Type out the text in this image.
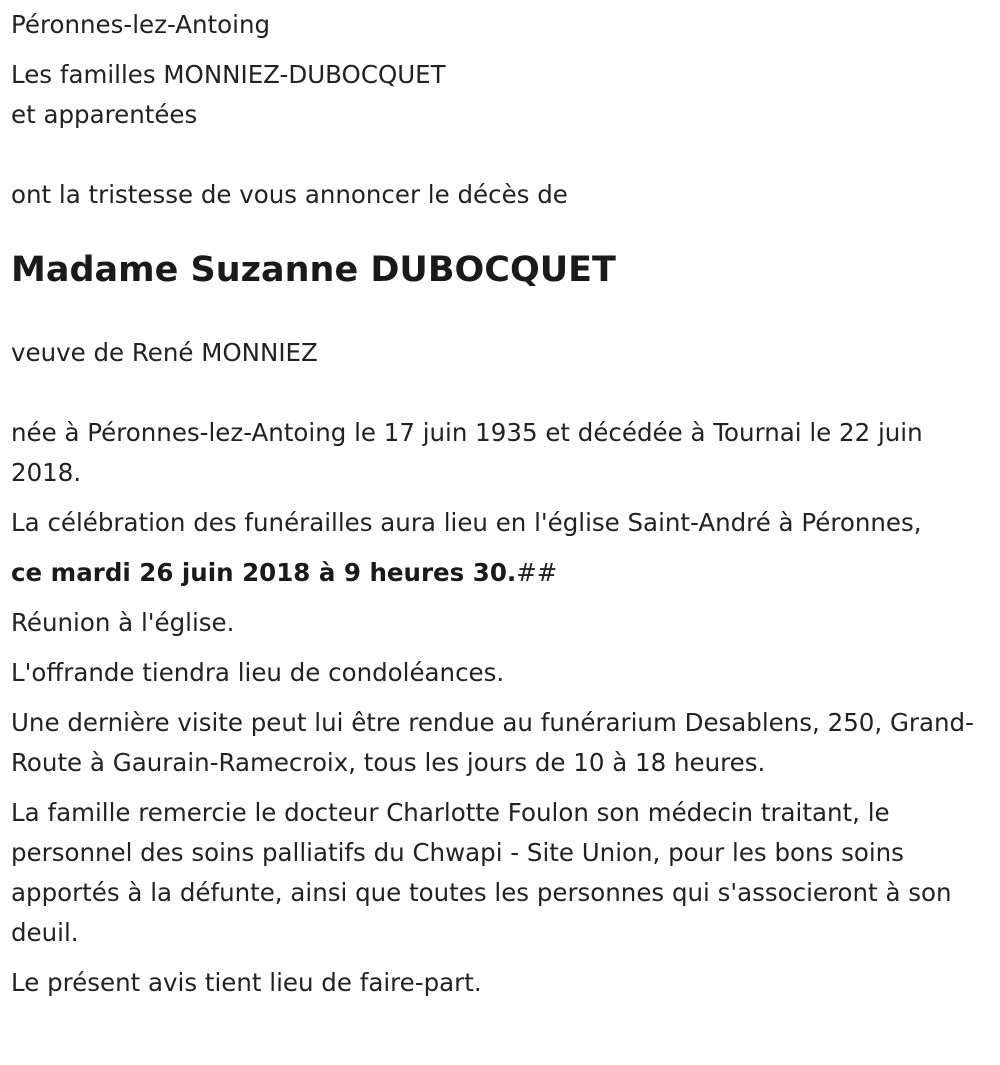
Péronnes-lez-Antoing

Les familles MONNIEZ-DUBOCQUET

et apparentées

ont la tristesse de vous annoncer le décès de

Madame Suzanne DUBOCQUET

veuve de René MONNIEZ

née à Péronnes-lez-Antoing le 17 juin 1935 et décédée à Tournai le 22 juin 2018.

La célébration des funérailles aura lieu en l'église Saint-André à Péronnes,

ce mardi 26 juin 2018 à 9 heures 30.##

Réunion à l'église.

L'offrande tiendra lieu de condoléances.

Une dernière visite peut lui être rendue au funérarium Desablens, 250, Grand-Route à Gaurain-Ramecroix, tous les jours de 10 à 18 heures.

La famille remercie le docteur Charlotte Foulon son médecin traitant, le personnel des soins palliatifs du Chwapi - Site Union, pour les bons soins apportés à la défunte, ainsi que toutes les personnes qui s'associeront à son deuil.

Le présent avis tient lieu de faire-part.
